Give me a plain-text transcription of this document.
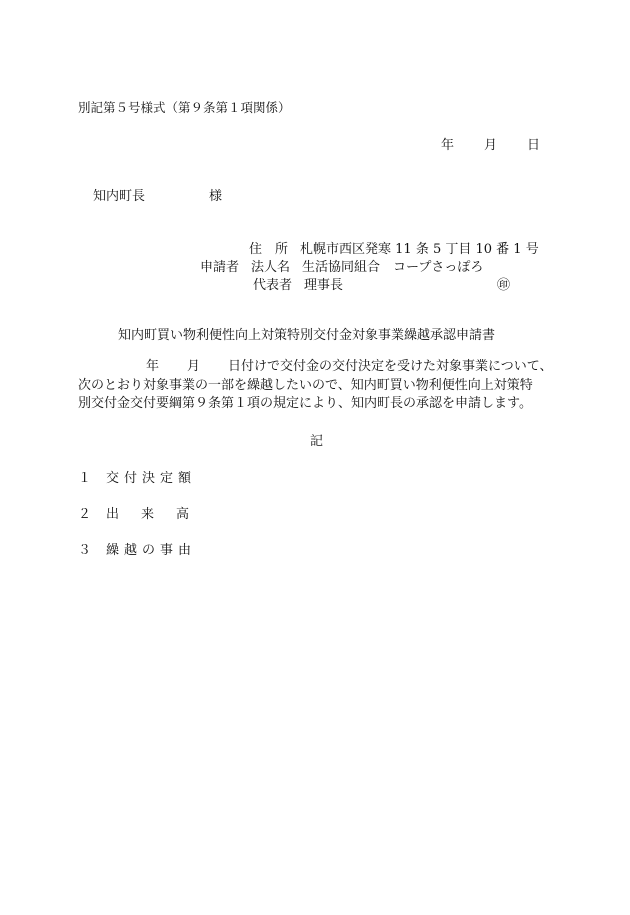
別記第５号様式（第９条第１項関係）
年 月 日
知内町長	様
住　所 札幌市西区発寒 11 条 5 丁目 10 番 1 号
申請者 法人名 生活協同組合　コープさっぽろ
代表者 理事長	㊞
知内町買い物利便性向上対策特別交付金対象事業繰越承認申請書
年 月 日付けで交付金の交付決定を受けた対象事業について、
次のとおり対象事業の一部を繰越したいので、知内町買い物利便性向上対策特
別交付金交付要綱第９条第１項の規定により、知内町長の承認を申請します。
記
１ 交付決定額
２ 出来高
３ 繰越の事由
